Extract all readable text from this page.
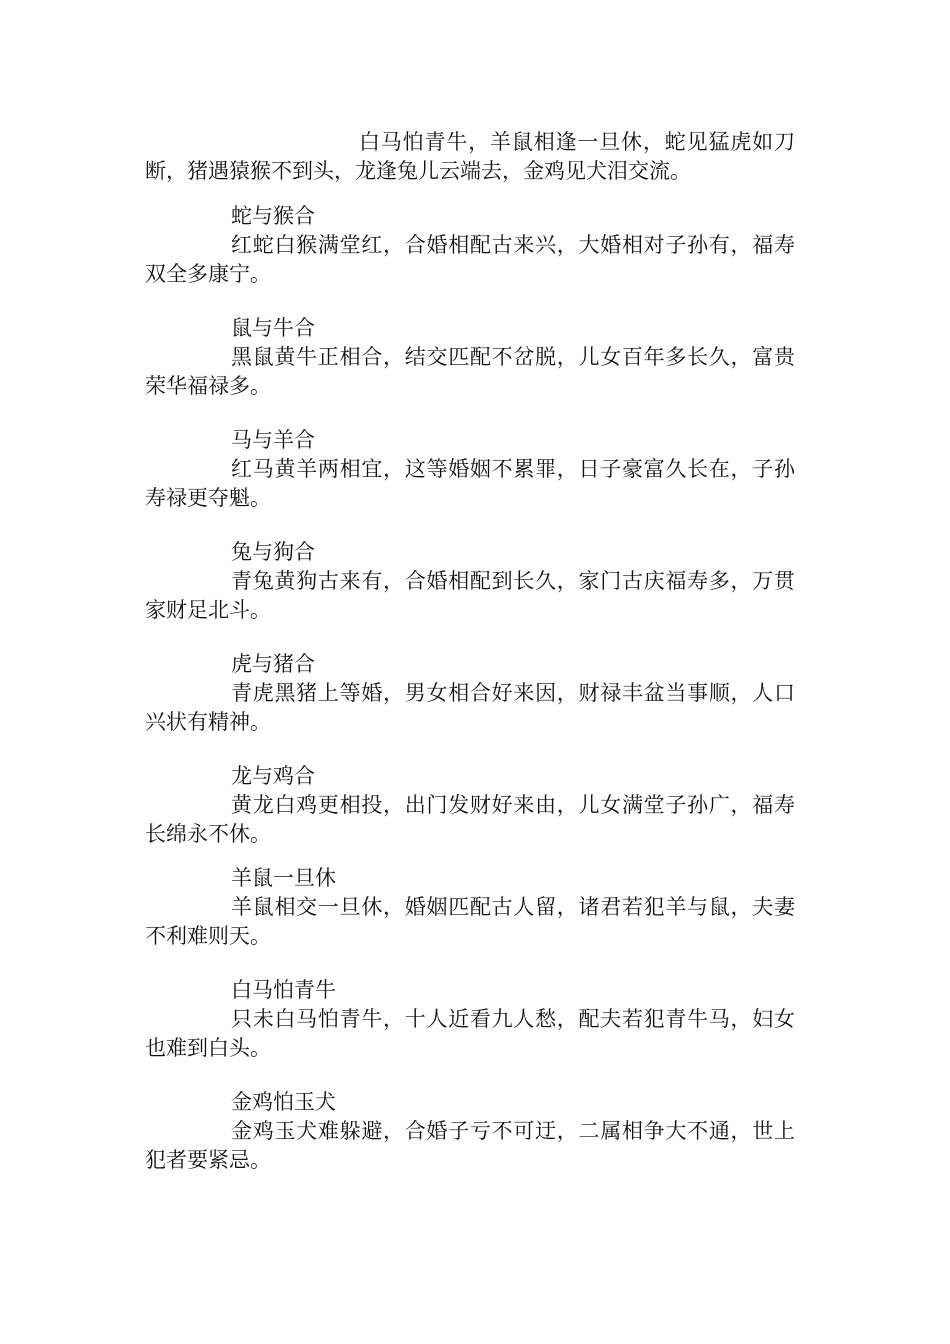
白马怕青牛，羊鼠相逢一旦休，蛇见猛虎如刀断，猪遇猿猴不到头，龙逢兔儿云端去，金鸡见犬泪交流。

蛇与猴合

红蛇白猴满堂红，合婚相配古来兴，大婚相对子孙有，福寿双全多康宁。

鼠与牛合

黑鼠黄牛正相合，结交匹配不岔脱，儿女百年多长久，富贵荣华福禄多。

马与羊合

红马黄羊两相宜，这等婚姻不累罪，日子豪富久长在，子孙寿禄更夺魁。

兔与狗合

青兔黄狗古来有，合婚相配到长久，家门古庆福寿多，万贯家财足北斗。

虎与猪合

青虎黑猪上等婚，男女相合好来因，财禄丰盆当事顺，人口兴状有精神。

龙与鸡合

黄龙白鸡更相投，出门发财好来由，儿女满堂子孙广，福寿长绵永不休。

羊鼠一旦休

羊鼠相交一旦休，婚姻匹配古人留，诸君若犯羊与鼠，夫妻不利难则天。

白马怕青牛

只未白马怕青牛，十人近看九人愁，配夫若犯青牛马，妇女也难到白头。

金鸡怕玉犬

金鸡玉犬难躲避，合婚子亏不可迂，二属相争大不通，世上犯者要紧忌。
